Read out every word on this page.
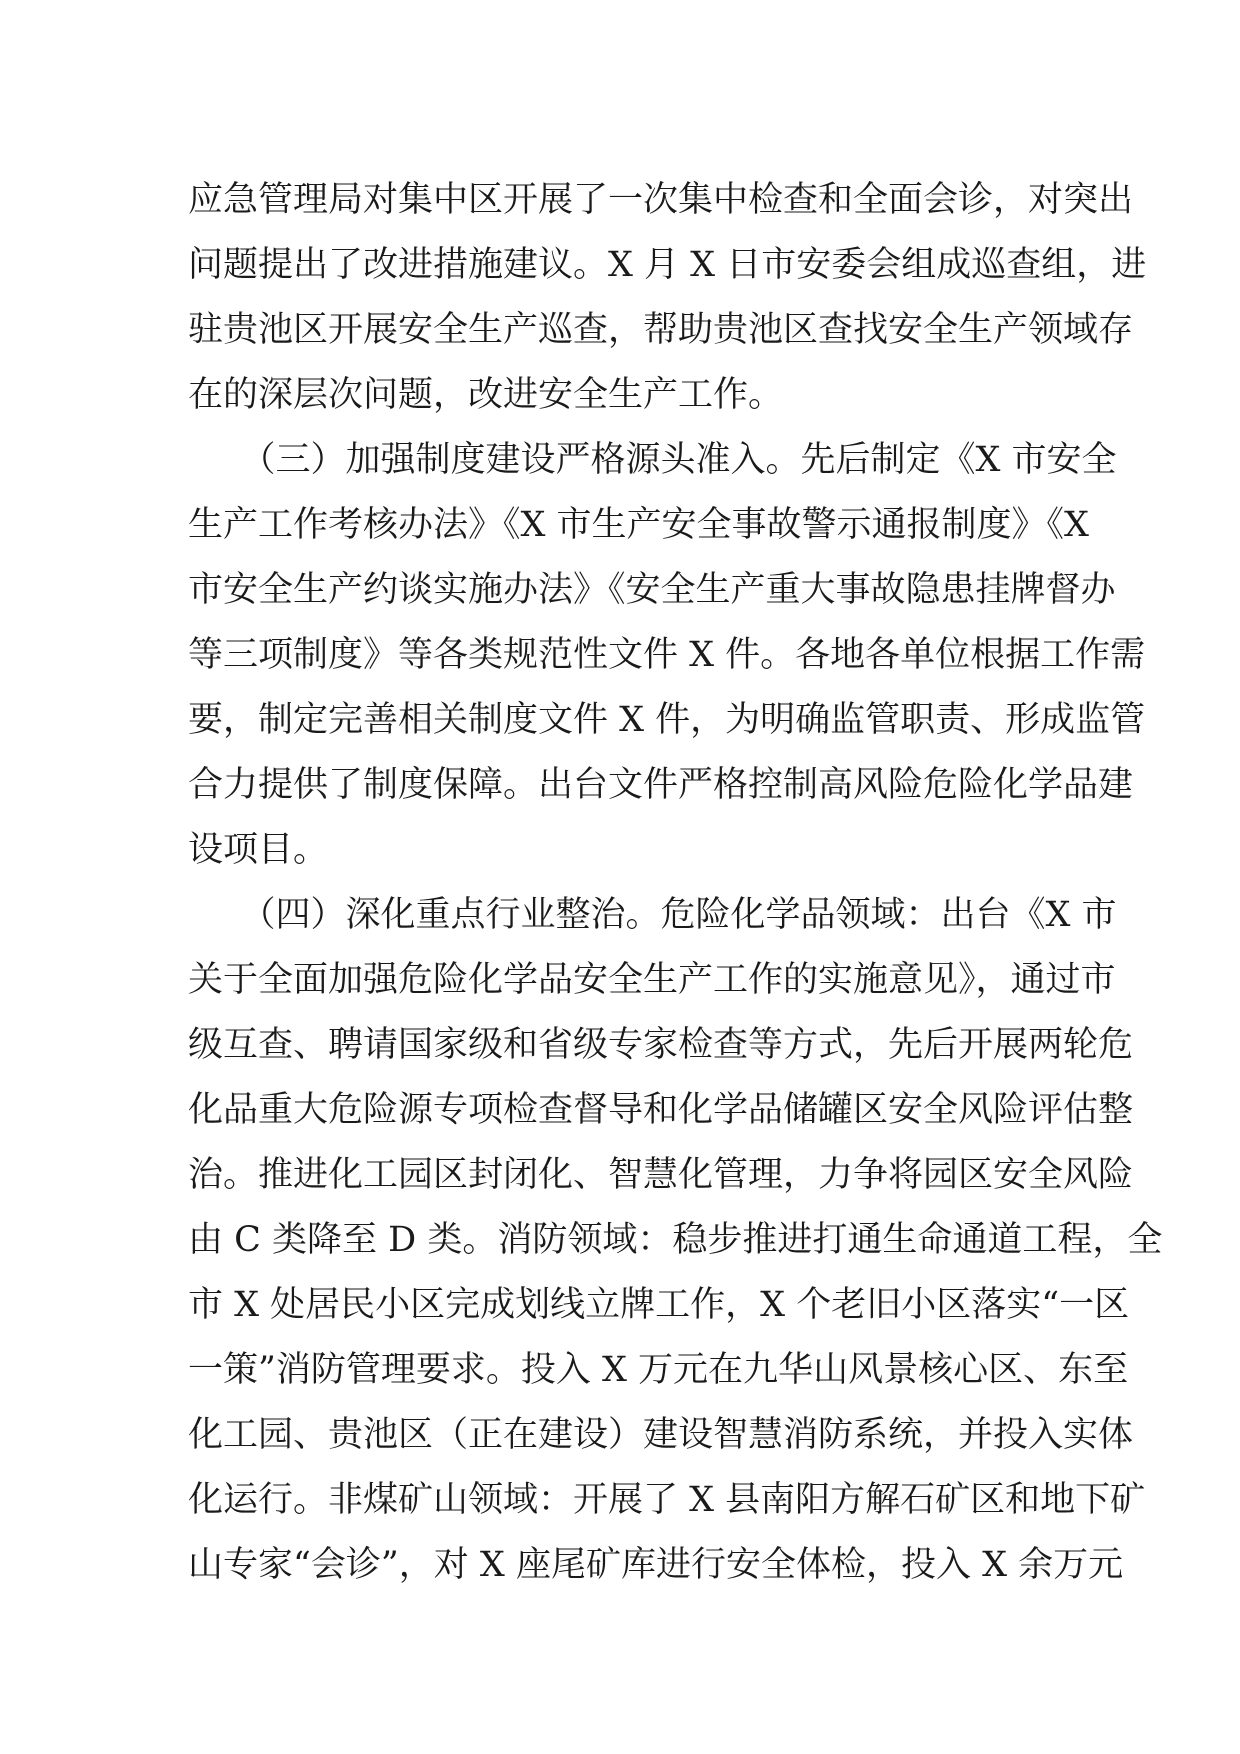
应急管理局对集中区开展了一次集中检查和全面会诊，对突出
问题提出了改进措施建议。X 月 X 日市安委会组成巡查组，进
驻贵池区开展安全生产巡查，帮助贵池区查找安全生产领域存
在的深层次问题，改进安全生产工作。
　　（三）加强制度建设严格源头准入。先后制定《X 市安全
生产工作考核办法》《X 市生产安全事故警示通报制度》《X
市安全生产约谈实施办法》《安全生产重大事故隐患挂牌督办
等三项制度》等各类规范性文件 X 件。各地各单位根据工作需
要，制定完善相关制度文件 X 件，为明确监管职责、形成监管
合力提供了制度保障。出台文件严格控制高风险危险化学品建
设项目。
　　（四）深化重点行业整治。危险化学品领域：出台《X 市
关于全面加强危险化学品安全生产工作的实施意见》，通过市
级互查、聘请国家级和省级专家检查等方式，先后开展两轮危
化品重大危险源专项检查督导和化学品储罐区安全风险评估整
治。推进化工园区封闭化、智慧化管理，力争将园区安全风险
由 C 类降至 D 类。消防领域：稳步推进打通生命通道工程，全
市 X 处居民小区完成划线立牌工作，X 个老旧小区落实“一区
一策”消防管理要求。投入 X 万元在九华山风景核心区、东至
化工园、贵池区（正在建设）建设智慧消防系统，并投入实体
化运行。非煤矿山领域：开展了 X 县南阳方解石矿区和地下矿
山专家“会诊”，对 X 座尾矿库进行安全体检，投入 X 余万元
